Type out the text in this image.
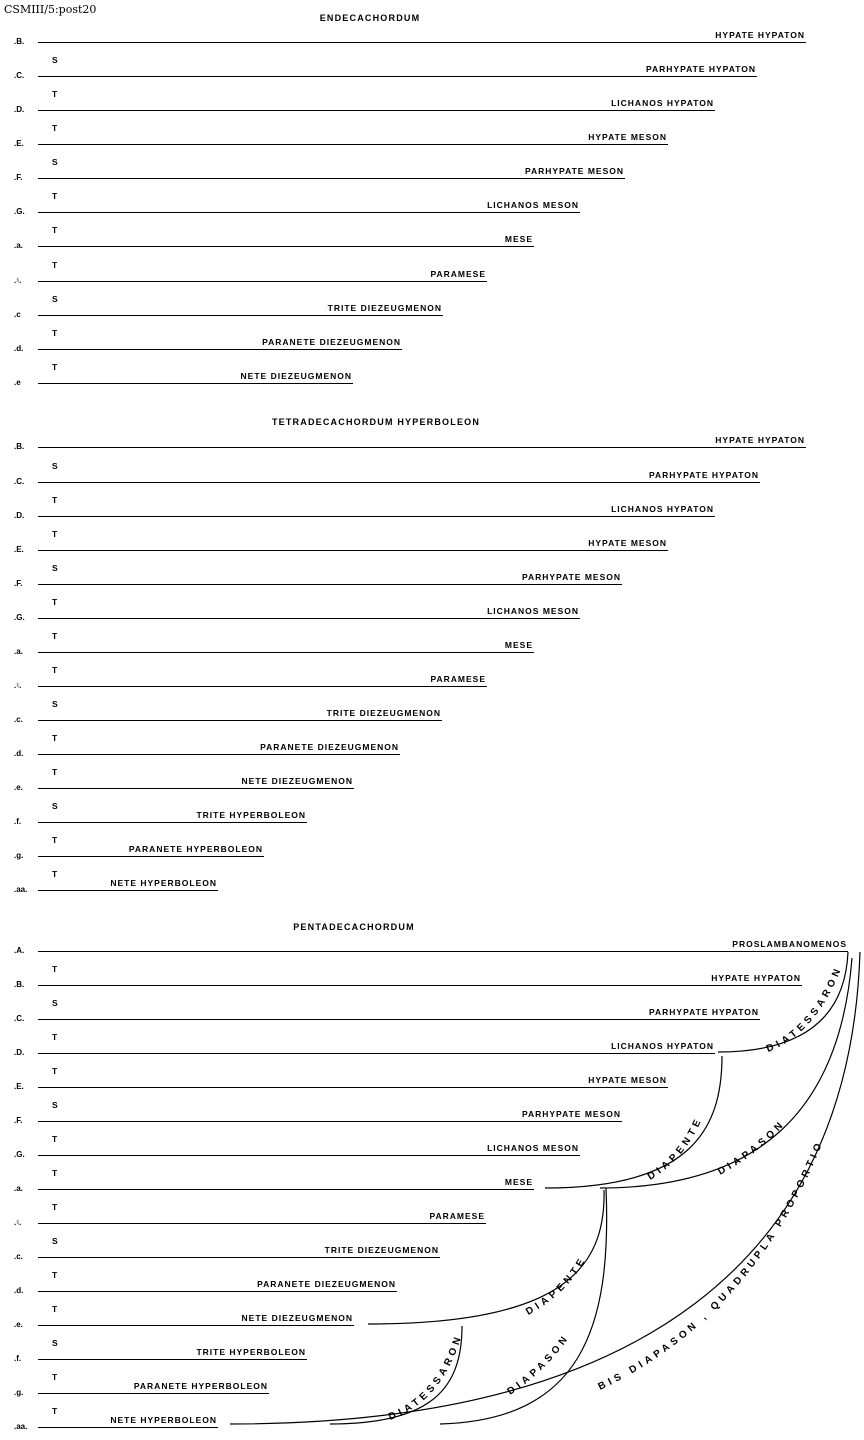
CSMIII/5:post20
ENDECACHORDUM
.B.
HYPATE HYPATON
.C.
S
PARHYPATE HYPATON
.D.
T
LICHANOS HYPATON
.E.
T
HYPATE MESON
.F.
S
PARHYPATE MESON
.G.
T
LICHANOS MESON
.a.
T
MESE
.♮.
T
PARAMESE
.c
S
TRITE DIEZEUGMENON
.d.
T
PARANETE DIEZEUGMENON
.e
T
NETE DIEZEUGMENON
TETRADECACHORDUM HYPERBOLEON
.B.
HYPATE HYPATON
.C.
S
PARHYPATE HYPATON
.D.
T
LICHANOS HYPATON
.E.
T
HYPATE MESON
.F.
S
PARHYPATE MESON
.G.
T
LICHANOS MESON
.a.
T
MESE
.♮.
T
PARAMESE
.c.
S
TRITE DIEZEUGMENON
.d.
T
PARANETE DIEZEUGMENON
.e.
T
NETE DIEZEUGMENON
.f.
S
TRITE HYPERBOLEON
.g.
T
PARANETE HYPERBOLEON
.aa.
T
NETE HYPERBOLEON
PENTADECACHORDUM
.A.
PROSLAMBANOMENOS
.B.
T
HYPATE HYPATON
.C.
S
PARHYPATE HYPATON
.D.
T
LICHANOS HYPATON
.E.
T
HYPATE MESON
.F.
S
PARHYPATE MESON
.G.
T
LICHANOS MESON
.a.
T
MESE
.♮.
T
PARAMESE
.c.
S
TRITE DIEZEUGMENON
.d.
T
PARANETE DIEZEUGMENON
.e.
T
NETE DIEZEUGMENON
.f.
S
TRITE HYPERBOLEON
.g.
T
PARANETE HYPERBOLEON
.aa.
T
NETE HYPERBOLEON
DIATESSARON
DIAPENTE
DIAPASON
BIS DIAPASON , QUADRUPLA PROPORTIO
DIAPENTE
DIAPASON
DIATESSARON
